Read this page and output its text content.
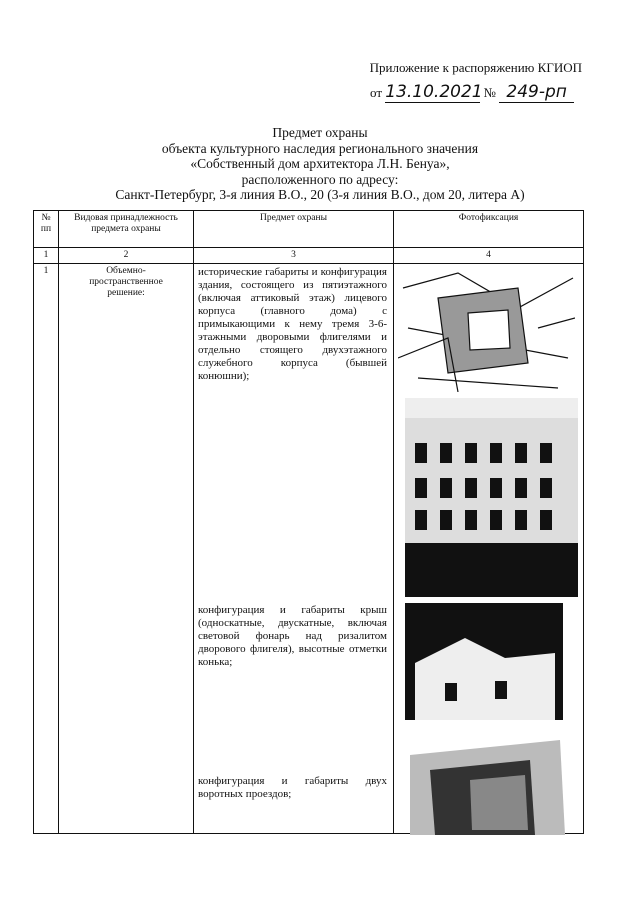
Приложение к распоряжению КГИОП
от 13.10.2021 № 249-рп
Предмет охраны
объекта культурного наследия регионального значения
«Собственный дом архитектора Л.Н. Бенуа»,
расположенного по адресу:
Санкт-Петербург, 3-я линия В.О., 20 (3-я линия В.О., дом 20, литера А)
№ пп	Видовая принадлежность предмета охраны	Предмет охраны	Фотофиксация
1	2	3	4
1	Объемно-пространственное решение:	исторические габариты и конфигурация здания, состоящего из пятиэтажного (включая аттиковый этаж) лицевого корпуса (главного дома) с примыкающими к нему тремя 3-6-этажными дворовыми флигелями и отдельно стоящего двухэтажного служебного корпуса (бывшей конюшни);
конфигурация и габариты крыш (односкатные, двускатные, включая световой фонарь над ризалитом дворового флигеля), высотные отметки конька;
конфигурация и габариты двух воротных проездов;	
